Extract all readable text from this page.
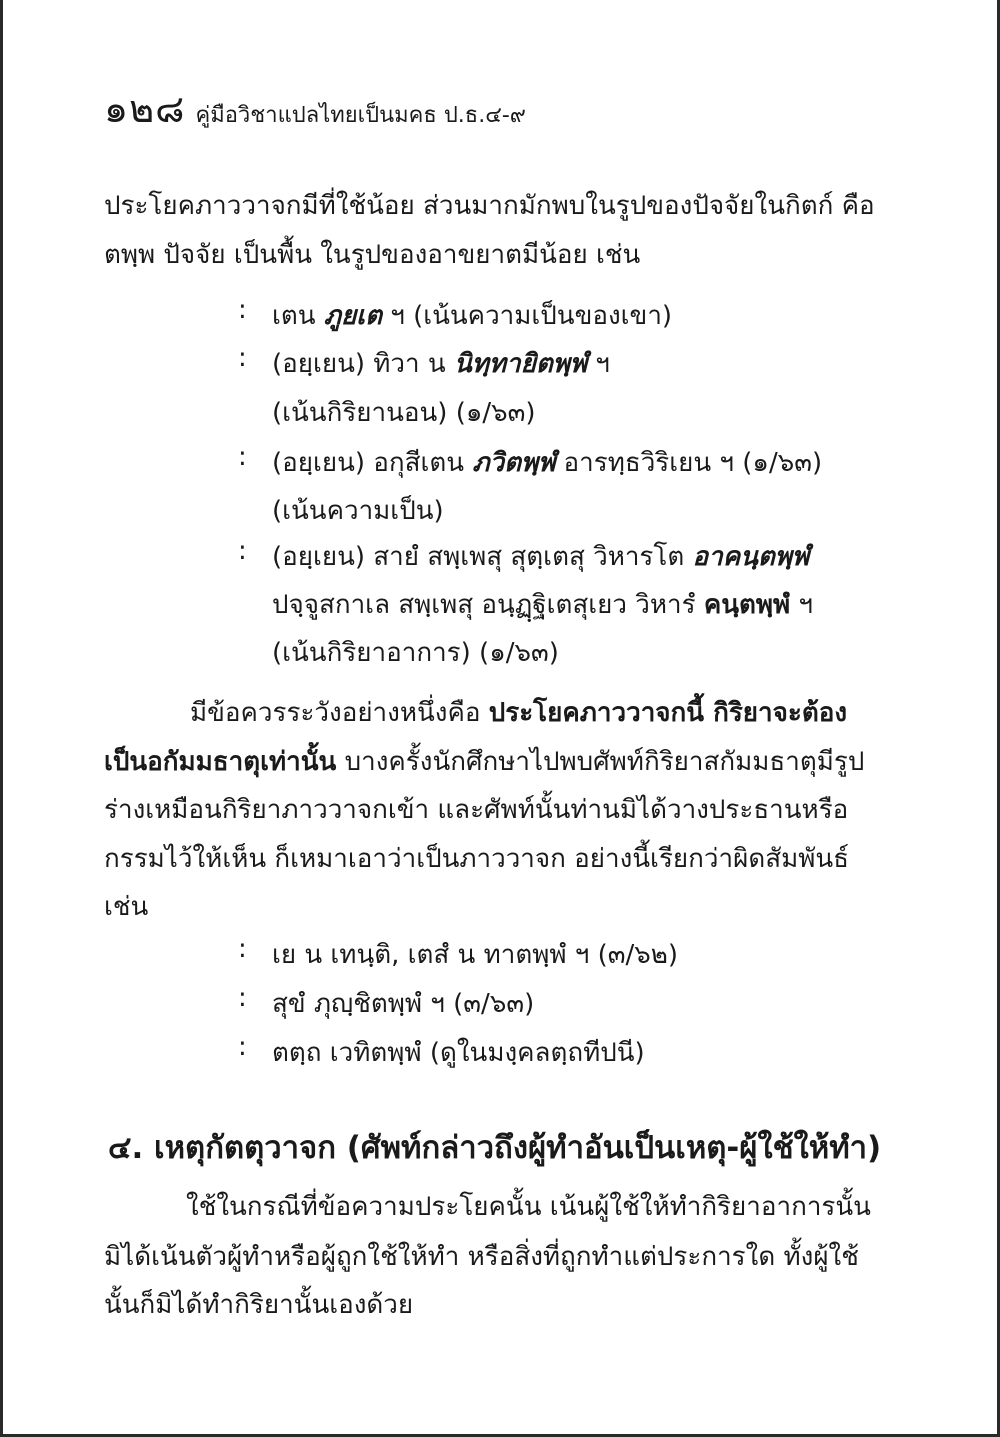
๑๒๘ คู่มือวิชาแปลไทยเป็นมคธ ป.ธ.๔-๙
ประโยคภาววาจกมีที่ใช้น้อย ส่วนมากมักพบในรูปของปัจจัยในกิตก์ คือ
ตพฺพ ปัจจัย เป็นพื้น ในรูปของอาขยาตมีน้อย เช่น
: เตน ภูยเต ฯ (เน้นความเป็นของเขา)
: (อยฺเยน) ทิวา น นิทฺทายิตพฺพํ ฯ
(เน้นกิริยานอน) (๑/๖๓)
: (อยฺเยน) อกุสีเตน ภวิตพฺพํ อารทฺธวิริเยน ฯ (๑/๖๓)
(เน้นความเป็น)
: (อยฺเยน) สายํ สพฺเพสุ สุตฺเตสุ วิหารโต อาคนฺตพฺพํ
ปจฺจูสกาเล สพฺเพสุ อนฺฏฺฐิเตสุเยว วิหารํ คนฺตพฺพํ ฯ
(เน้นกิริยาอาการ) (๑/๖๓)
มีข้อควรระวังอย่างหนึ่งคือ ประโยคภาววาจกนี้ กิริยาจะต้อง
เป็นอกัมมธาตุเท่านั้น บางครั้งนักศึกษาไปพบศัพท์กิริยาสกัมมธาตุมีรูป
ร่างเหมือนกิริยาภาววาจกเข้า และศัพท์นั้นท่านมิได้วางประธานหรือ
กรรมไว้ให้เห็น ก็เหมาเอาว่าเป็นภาววาจก อย่างนี้เรียกว่าผิดสัมพันธ์
เช่น
: เย น เทนฺติ, เตสํ น ทาตพฺพํ ฯ (๓/๖๒)
: สุขํ ภุญฺชิตพฺพํ ฯ (๓/๖๓)
: ตตฺถ เวทิตพฺพํ (ดูในมงฺคลตฺถทีปนี)
๔. เหตุกัตตุวาจก (ศัพท์กล่าวถึงผู้ทำอันเป็นเหตุ-ผู้ใช้ให้ทำ)
ใช้ในกรณีที่ข้อความประโยคนั้น เน้นผู้ใช้ให้ทำกิริยาอาการนั้น
มิได้เน้นตัวผู้ทำหรือผู้ถูกใช้ให้ทำ หรือสิ่งที่ถูกทำแต่ประการใด ทั้งผู้ใช้
นั้นก็มิได้ทำกิริยานั้นเองด้วย
